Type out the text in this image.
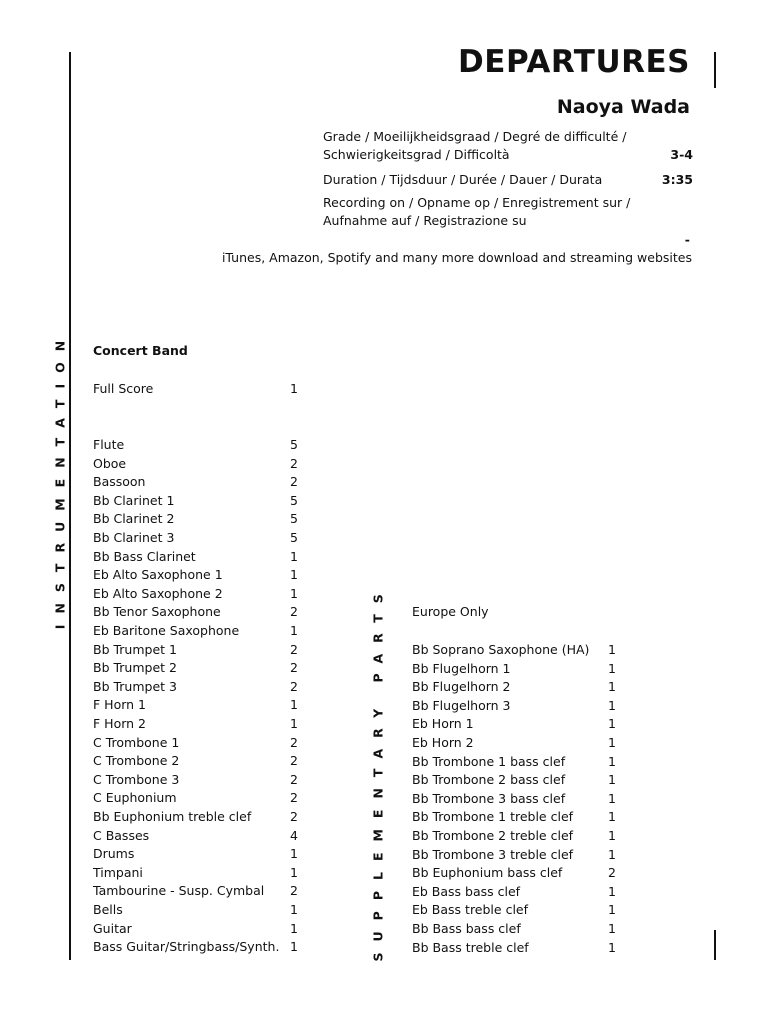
DEPARTURES
Naoya Wada
Grade / Moeilijkheidsgraad / Degré de difficulté /
Schwierigkeitsgrad / Difficoltà	3-4
Duration / Tijdsduur / Durée / Dauer / Durata	3:35
Recording on / Opname op / Enregistrement sur /
Aufnahme auf / Registrazione su
-
iTunes, Amazon, Spotify and many more download and streaming websites
INSTRUMENTATION
SUPPLEMENTARY PARTS
Concert Band
Full Score	1
Flute	5
Oboe	2
Bassoon	2
Bb Clarinet 1	5
Bb Clarinet 2	5
Bb Clarinet 3	5
Bb Bass Clarinet	1
Eb Alto Saxophone 1	1
Eb Alto Saxophone 2	1
Bb Tenor Saxophone	2
Eb Baritone Saxophone	1
Bb Trumpet 1	2
Bb Trumpet 2	2
Bb Trumpet 3	2
F Horn 1	1
F Horn 2	1
C Trombone 1	2
C Trombone 2	2
C Trombone 3	2
C Euphonium	2
Bb Euphonium treble clef	2
C Basses	4
Drums	1
Timpani	1
Tambourine - Susp. Cymbal 2
Bells	1
Guitar	1
Bass Guitar/Stringbass/Synth. 1
Europe Only
Bb Soprano Saxophone (HA) 1
Bb Flugelhorn 1	1
Bb Flugelhorn 2	1
Bb Flugelhorn 3	1
Eb Horn 1	1
Eb Horn 2	1
Bb Trombone 1 bass clef	1
Bb Trombone 2 bass clef	1
Bb Trombone 3 bass clef	1
Bb Trombone 1 treble clef	1
Bb Trombone 2 treble clef	1
Bb Trombone 3 treble clef	1
Bb Euphonium bass clef	2
Eb Bass bass clef	1
Eb Bass treble clef	1
Bb Bass bass clef	1
Bb Bass treble clef	1
